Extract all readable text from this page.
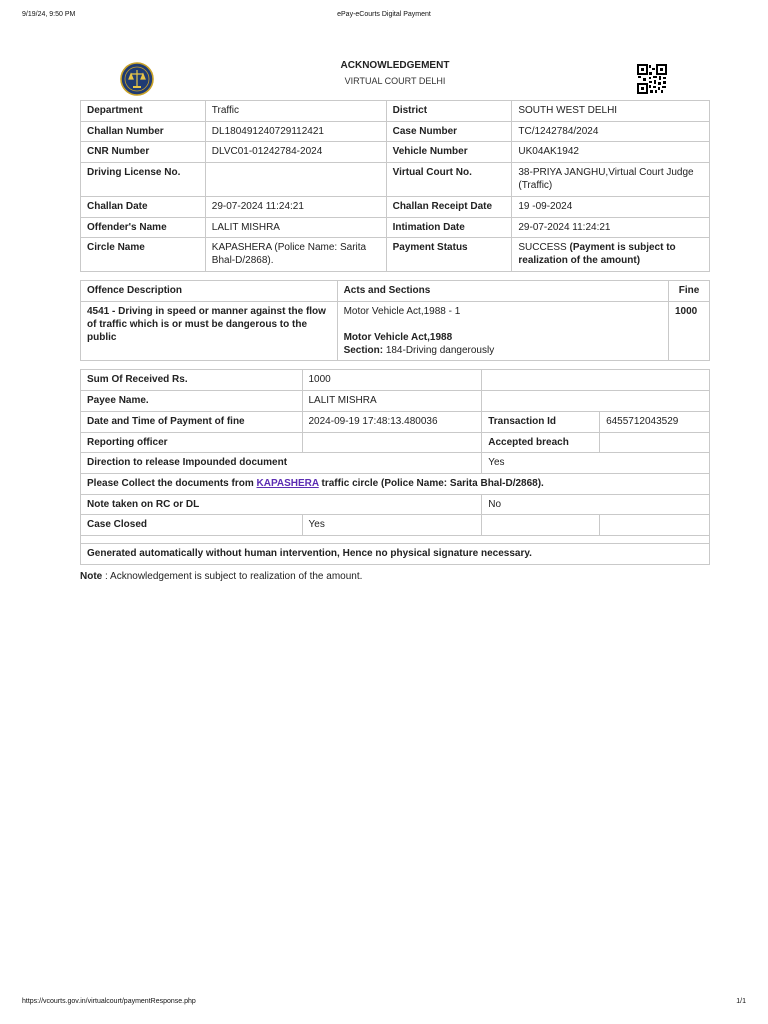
9/19/24, 9:50 PM	ePay-eCourts Digital Payment
ACKNOWLEDGEMENT
VIRTUAL COURT DELHI
Department	Traffic	District	SOUTH WEST DELHI
Challan Number	DL180491240729112421	Case Number	TC/1242784/2024
CNR Number	DLVC01-01242784-2024	Vehicle Number	UK04AK1942
Driving License No.		Virtual Court No.	38-PRIYA JANGHU,Virtual Court Judge (Traffic)
Challan Date	29-07-2024 11:24:21	Challan Receipt Date	19 -09-2024
Offender's Name	LALIT MISHRA	Intimation Date	29-07-2024 11:24:21
Circle Name	KAPASHERA (Police Name: Sarita Bhal-D/2868).	Payment Status	SUCCESS (Payment is subject to realization of the amount)
Offence Description	Acts and Sections	Fine
4541 - Driving in speed or manner against the flow of traffic which is or must be dangerous to the public	Motor Vehicle Act,1988 - 1
Motor Vehicle Act,1988
Section: 184-Driving dangerously	1000
Sum Of Received Rs.	1000		
Payee Name.	LALIT MISHRA		
Date and Time of Payment of fine	2024-09-19 17:48:13.480036	Transaction Id	6455712043529
Reporting officer		Accepted breach	
Direction to release Impounded document		Yes	
Please Collect the documents from KAPASHERA traffic circle (Police Name: Sarita Bhal-D/2868).			
Note taken on RC or DL		No	
Case Closed	Yes		

Generated automatically without human intervention, Hence no physical signature necessary.			
Note : Acknowledgement is subject to realization of the amount.
https://vcourts.gov.in/virtualcourt/paymentResponse.php	1/1
